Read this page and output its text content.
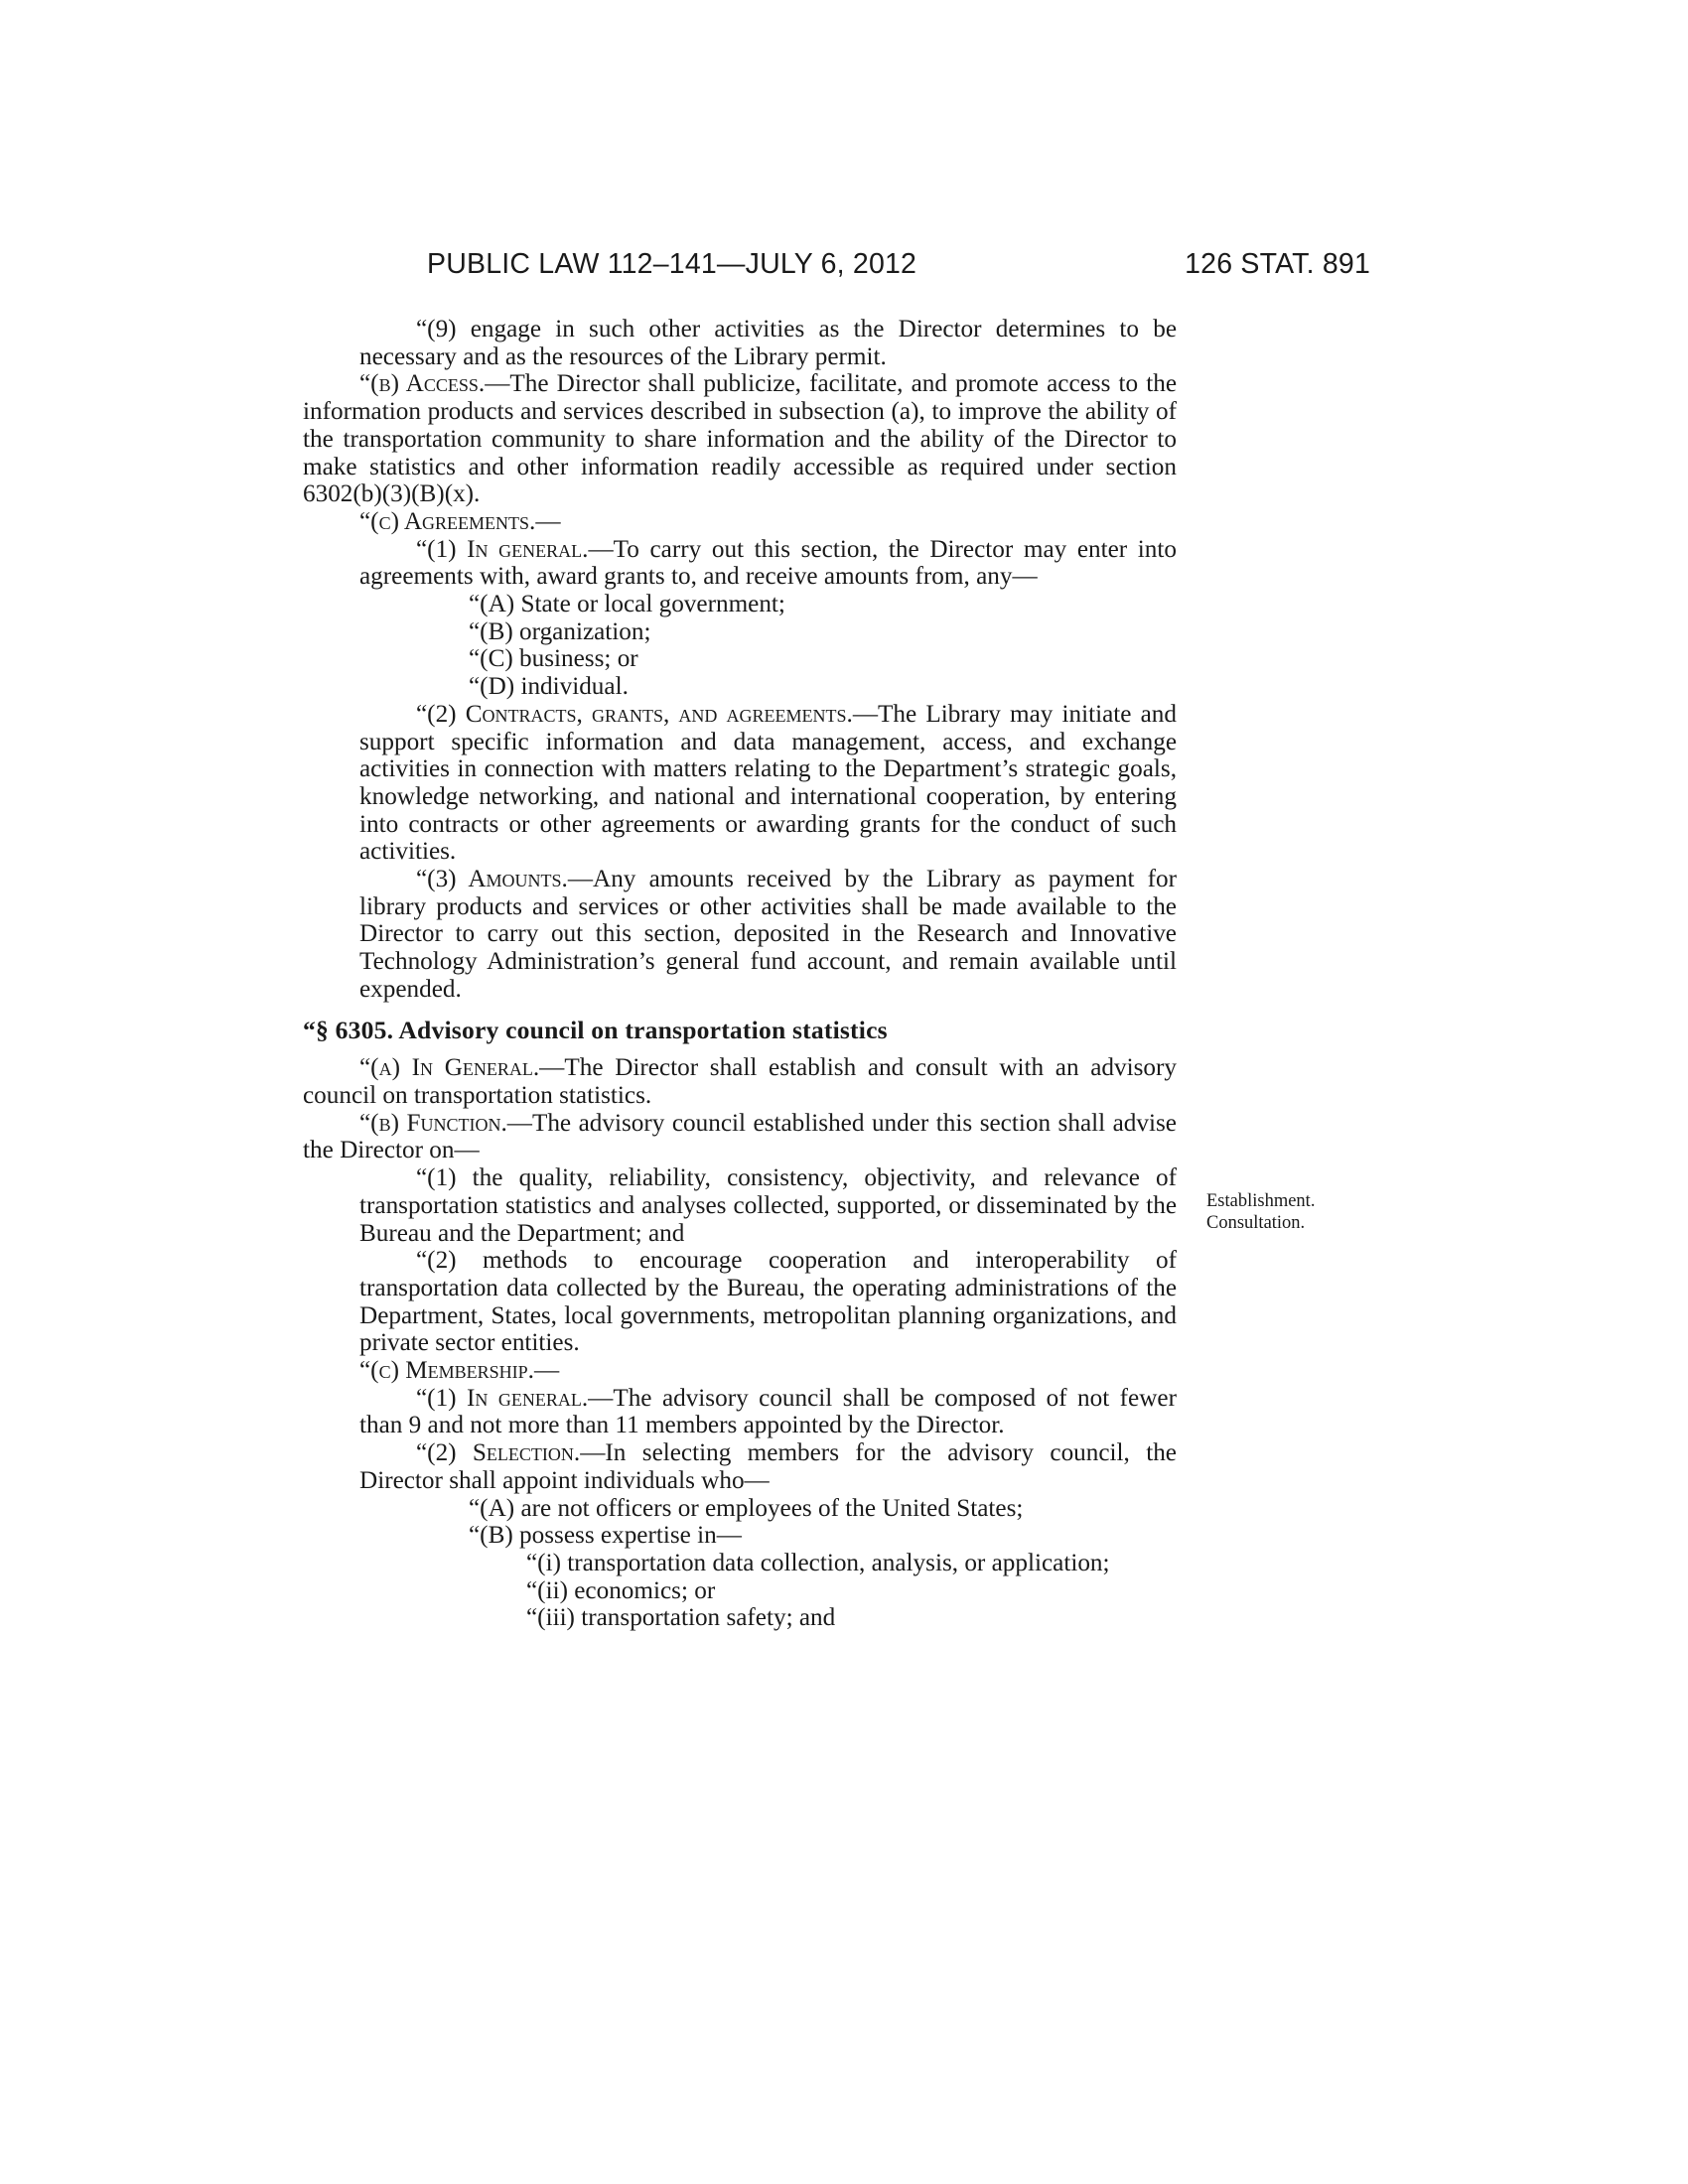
PUBLIC LAW 112–141—JULY 6, 2012	126 STAT. 891

“(9) engage in such other activities as the Director determines to be necessary and as the resources of the Library permit.

“(b) Access.—The Director shall publicize, facilitate, and promote access to the information products and services described in subsection (a), to improve the ability of the transportation community to share information and the ability of the Director to make statistics and other information readily accessible as required under section 6302(b)(3)(B)(x).

“(c) Agreements.—

“(1) In general.—To carry out this section, the Director may enter into agreements with, award grants to, and receive amounts from, any—

“(A) State or local government;

“(B) organization;

“(C) business; or

“(D) individual.

“(2) Contracts, grants, and agreements.—The Library may initiate and support specific information and data management, access, and exchange activities in connection with matters relating to the Department’s strategic goals, knowledge networking, and national and international cooperation, by entering into contracts or other agreements or awarding grants for the conduct of such activities.

“(3) Amounts.—Any amounts received by the Library as payment for library products and services or other activities shall be made available to the Director to carry out this section, deposited in the Research and Innovative Technology Administration’s general fund account, and remain available until expended.

“§ 6305. Advisory council on transportation statistics

“(a) In General.—The Director shall establish and consult with an advisory council on transportation statistics.

“(b) Function.—The advisory council established under this section shall advise the Director on—

“(1) the quality, reliability, consistency, objectivity, and relevance of transportation statistics and analyses collected, supported, or disseminated by the Bureau and the Department; and

“(2) methods to encourage cooperation and interoperability of transportation data collected by the Bureau, the operating administrations of the Department, States, local governments, metropolitan planning organizations, and private sector entities.

“(c) Membership.—

“(1) In general.—The advisory council shall be composed of not fewer than 9 and not more than 11 members appointed by the Director.

“(2) Selection.—In selecting members for the advisory council, the Director shall appoint individuals who—

“(A) are not officers or employees of the United States;

“(B) possess expertise in—

“(i) transportation data collection, analysis, or application;

“(ii) economics; or

“(iii) transportation safety; and

Establishment.
Consultation.
